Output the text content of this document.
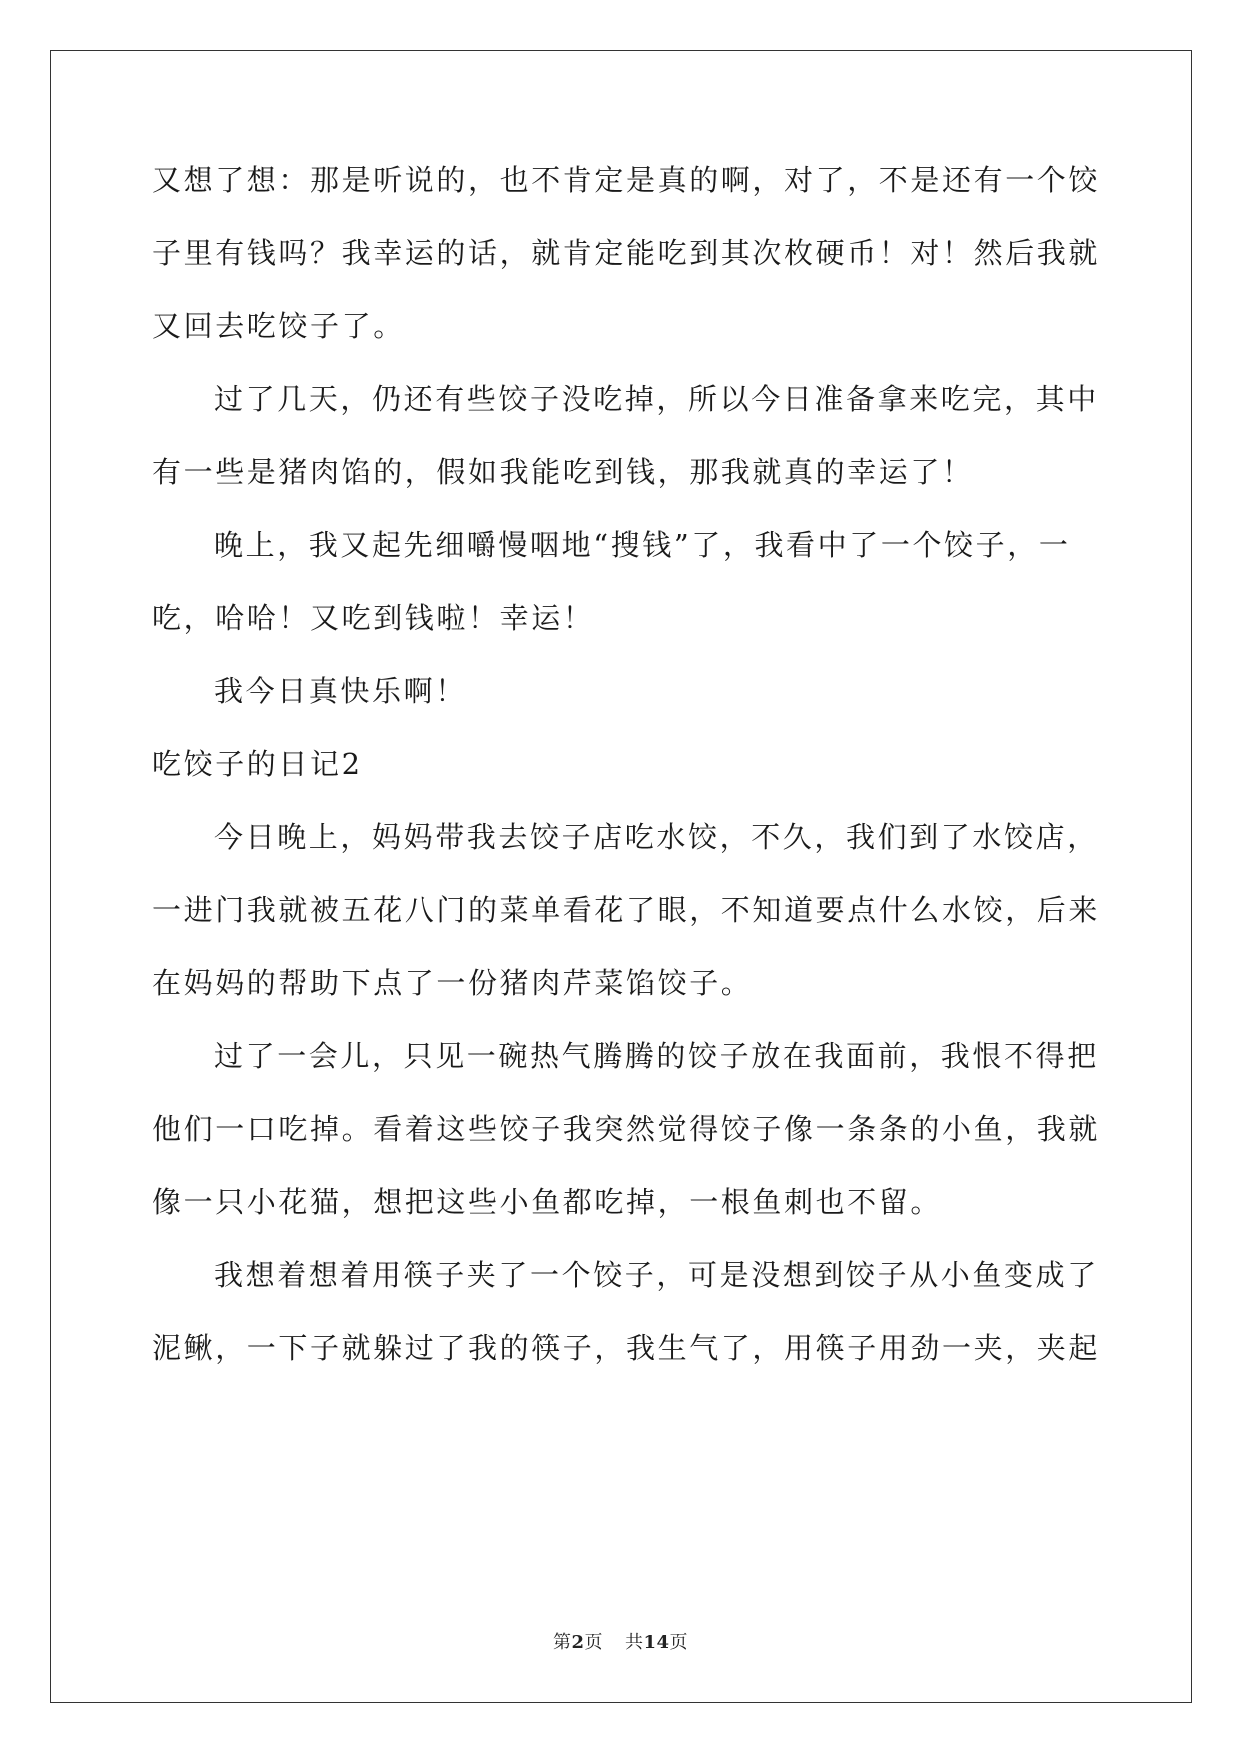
又想了想：那是听说的，也不肯定是真的啊，对了，不是还有一个饺
子里有钱吗？我幸运的话，就肯定能吃到其次枚硬币！对！然后我就
又回去吃饺子了。
过了几天，仍还有些饺子没吃掉，所以今日准备拿来吃完，其中
有一些是猪肉馅的，假如我能吃到钱，那我就真的幸运了！
晚上，我又起先细嚼慢咽地“搜钱”了，我看中了一个饺子，一
吃，哈哈！又吃到钱啦！幸运！
我今日真快乐啊！
吃饺子的日记2
今日晚上，妈妈带我去饺子店吃水饺，不久，我们到了水饺店，
一进门我就被五花八门的菜单看花了眼，不知道要点什么水饺，后来
在妈妈的帮助下点了一份猪肉芹菜馅饺子。
过了一会儿，只见一碗热气腾腾的饺子放在我面前，我恨不得把
他们一口吃掉。看着这些饺子我突然觉得饺子像一条条的小鱼，我就
像一只小花猫，想把这些小鱼都吃掉，一根鱼刺也不留。
我想着想着用筷子夹了一个饺子，可是没想到饺子从小鱼变成了
泥鳅，一下子就躲过了我的筷子，我生气了，用筷子用劲一夹，夹起
第2页 共14页
